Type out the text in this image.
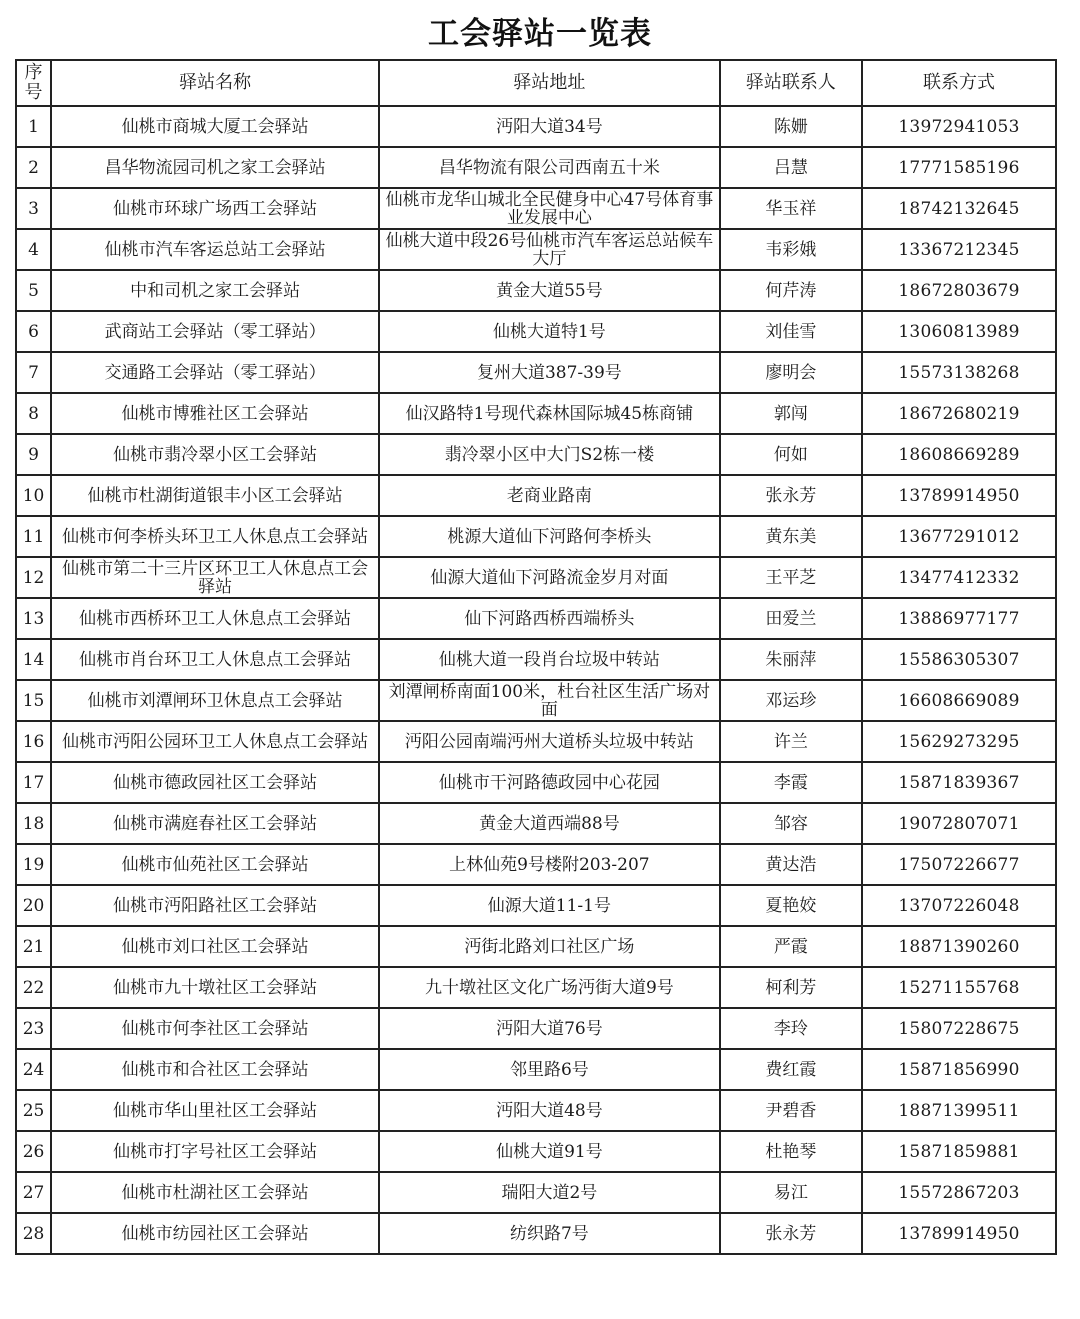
工会驿站一览表
序号	驿站名称	驿站地址	驿站联系人	联系方式
1	仙桃市商城大厦工会驿站	沔阳大道34号	陈姗	13972941053
2	昌华物流园司机之家工会驿站	昌华物流有限公司西南五十米	吕慧	17771585196
3	仙桃市环球广场西工会驿站	仙桃市龙华山城北全民健身中心47号体育事业发展中心	华玉祥	18742132645
4	仙桃市汽车客运总站工会驿站	仙桃大道中段26号仙桃市汽车客运总站候车大厅	韦彩娥	13367212345
5	中和司机之家工会驿站	黄金大道55号	何芹涛	18672803679
6	武商站工会驿站（零工驿站）	仙桃大道特1号	刘佳雪	13060813989
7	交通路工会驿站（零工驿站）	复州大道387-39号	廖明会	15573138268
8	仙桃市博雅社区工会驿站	仙汉路特1号现代森林国际城45栋商铺	郭闯	18672680219
9	仙桃市翡冷翠小区工会驿站	翡冷翠小区中大门S2栋一楼	何如	18608669289
10	仙桃市杜湖街道银丰小区工会驿站	老商业路南	张永芳	13789914950
11	仙桃市何李桥头环卫工人休息点工会驿站	桃源大道仙下河路何李桥头	黄东美	13677291012
12	仙桃市第二十三片区环卫工人休息点工会驿站	仙源大道仙下河路流金岁月对面	王平芝	13477412332
13	仙桃市西桥环卫工人休息点工会驿站	仙下河路西桥西端桥头	田爱兰	13886977177
14	仙桃市肖台环卫工人休息点工会驿站	仙桃大道一段肖台垃圾中转站	朱丽萍	15586305307
15	仙桃市刘潭闸环卫休息点工会驿站	刘潭闸桥南面100米，杜台社区生活广场对面	邓运珍	16608669089
16	仙桃市沔阳公园环卫工人休息点工会驿站	沔阳公园南端沔州大道桥头垃圾中转站	许兰	15629273295
17	仙桃市德政园社区工会驿站	仙桃市干河路德政园中心花园	李霞	15871839367
18	仙桃市满庭春社区工会驿站	黄金大道西端88号	邹容	19072807071
19	仙桃市仙苑社区工会驿站	上林仙苑9号楼附203-207	黄达浩	17507226677
20	仙桃市沔阳路社区工会驿站	仙源大道11-1号	夏艳姣	13707226048
21	仙桃市刘口社区工会驿站	沔街北路刘口社区广场	严霞	18871390260
22	仙桃市九十墩社区工会驿站	九十墩社区文化广场沔街大道9号	柯利芳	15271155768
23	仙桃市何李社区工会驿站	沔阳大道76号	李玲	15807228675
24	仙桃市和合社区工会驿站	邻里路6号	费红霞	15871856990
25	仙桃市华山里社区工会驿站	沔阳大道48号	尹碧香	18871399511
26	仙桃市打字号社区工会驿站	仙桃大道91号	杜艳琴	15871859881
27	仙桃市杜湖社区工会驿站	瑞阳大道2号	易江	15572867203
28	仙桃市纺园社区工会驿站	纺织路7号	张永芳	13789914950
